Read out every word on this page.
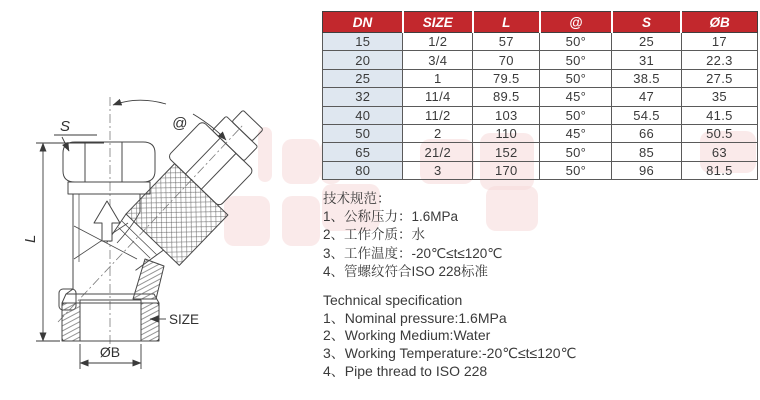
S	@
L
SIZE
ØB
DN	SIZE	L	@	S	ØB
15	1/2	57	50°	25	17
20	3/4	70	50°	31	22.3
25	1	79.5	50°	38.5	27.5
32	11/4	89.5	45°	47	35
40	11/2	103	50°	54.5	41.5
50	2	110	45°	66	50.5
65	21/2	152	50°	85	63
80	3	170	50°	96	81.5
技术规范：
1、公称压力：1.6MPa
2、工作介质：水
3、工作温度：-20℃≤t≤120℃
4、管螺纹符合ISO 228标准
Technical specification
1、Nominal pressure:1.6MPa
2、Working Medium:Water
3、Working Temperature:-20℃≤t≤120℃
4、Pipe thread to ISO 228
